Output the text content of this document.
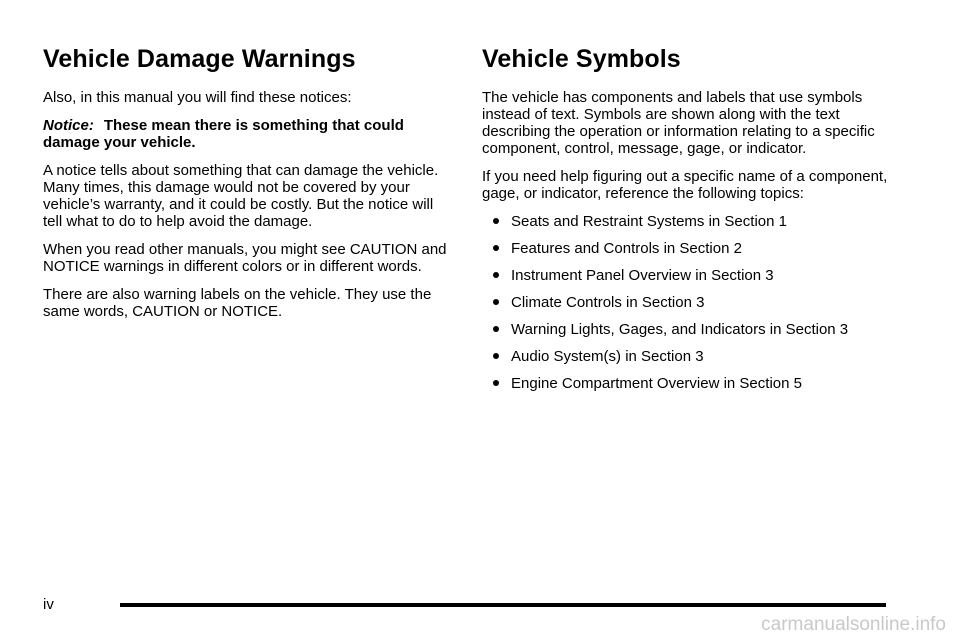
Vehicle Damage Warnings

Also, in this manual you will find these notices:

Notice: These mean there is something that could damage your vehicle.

A notice tells about something that can damage the vehicle. Many times, this damage would not be covered by your vehicle’s warranty, and it could be costly. But the notice will tell what to do to help avoid the damage.

When you read other manuals, you might see CAUTION and NOTICE warnings in different colors or in different words.

There are also warning labels on the vehicle. They use the same words, CAUTION or NOTICE.

Vehicle Symbols

The vehicle has components and labels that use symbols instead of text. Symbols are shown along with the text describing the operation or information relating to a specific component, control, message, gage, or indicator.

If you need help figuring out a specific name of a component, gage, or indicator, reference the following topics:

Seats and Restraint Systems in Section 1
Features and Controls in Section 2
Instrument Panel Overview in Section 3
Climate Controls in Section 3
Warning Lights, Gages, and Indicators in Section 3
Audio System(s) in Section 3
Engine Compartment Overview in Section 5
iv
carmanualsonline.info
